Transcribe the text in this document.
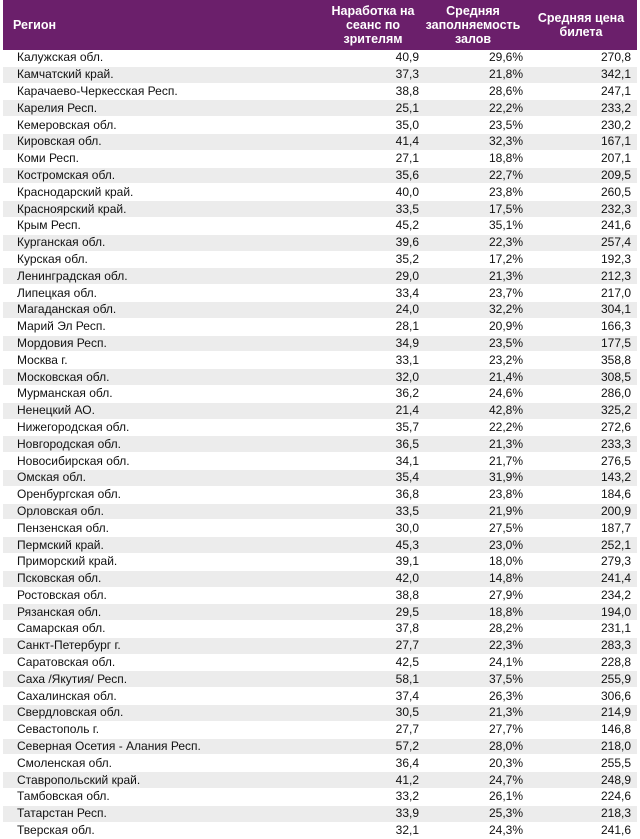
Регион	Наработка на сеанс по зрителям	Средняя заполняемость залов	Средняя цена билета
Калужская обл.	40,9	29,6%	270,8
Камчатский край.	37,3	21,8%	342,1
Карачаево-Черкесская Респ.	38,8	28,6%	247,1
Карелия Респ.	25,1	22,2%	233,2
Кемеровская обл.	35,0	23,5%	230,2
Кировская обл.	41,4	32,3%	167,1
Коми Респ.	27,1	18,8%	207,1
Костромская обл.	35,6	22,7%	209,5
Краснодарский край.	40,0	23,8%	260,5
Красноярский край.	33,5	17,5%	232,3
Крым Респ.	45,2	35,1%	241,6
Курганская обл.	39,6	22,3%	257,4
Курская обл.	35,2	17,2%	192,3
Ленинградская обл.	29,0	21,3%	212,3
Липецкая обл.	33,4	23,7%	217,0
Магаданская обл.	24,0	32,2%	304,1
Марий Эл Респ.	28,1	20,9%	166,3
Мордовия Респ.	34,9	23,5%	177,5
Москва г.	33,1	23,2%	358,8
Московская обл.	32,0	21,4%	308,5
Мурманская обл.	36,2	24,6%	286,0
Ненецкий АО.	21,4	42,8%	325,2
Нижегородская обл.	35,7	22,2%	272,6
Новгородская обл.	36,5	21,3%	233,3
Новосибирская обл.	34,1	21,7%	276,5
Омская обл.	35,4	31,9%	143,2
Оренбургская обл.	36,8	23,8%	184,6
Орловская обл.	33,5	21,9%	200,9
Пензенская обл.	30,0	27,5%	187,7
Пермский край.	45,3	23,0%	252,1
Приморский край.	39,1	18,0%	279,3
Псковская обл.	42,0	14,8%	241,4
Ростовская обл.	38,8	27,9%	234,2
Рязанская обл.	29,5	18,8%	194,0
Самарская обл.	37,8	28,2%	231,1
Санкт-Петербург г.	27,7	22,3%	283,3
Саратовская обл.	42,5	24,1%	228,8
Саха /Якутия/ Респ.	58,1	37,5%	255,9
Сахалинская обл.	37,4	26,3%	306,6
Свердловская обл.	30,5	21,3%	214,9
Севастополь г.	27,7	27,7%	146,8
Северная Осетия - Алания Респ.	57,2	28,0%	218,0
Смоленская обл.	36,4	20,3%	255,5
Ставропольский край.	41,2	24,7%	248,9
Тамбовская обл.	33,2	26,1%	224,6
Татарстан Респ.	33,9	25,3%	218,3
Тверская обл.	32,1	24,3%	241,6
